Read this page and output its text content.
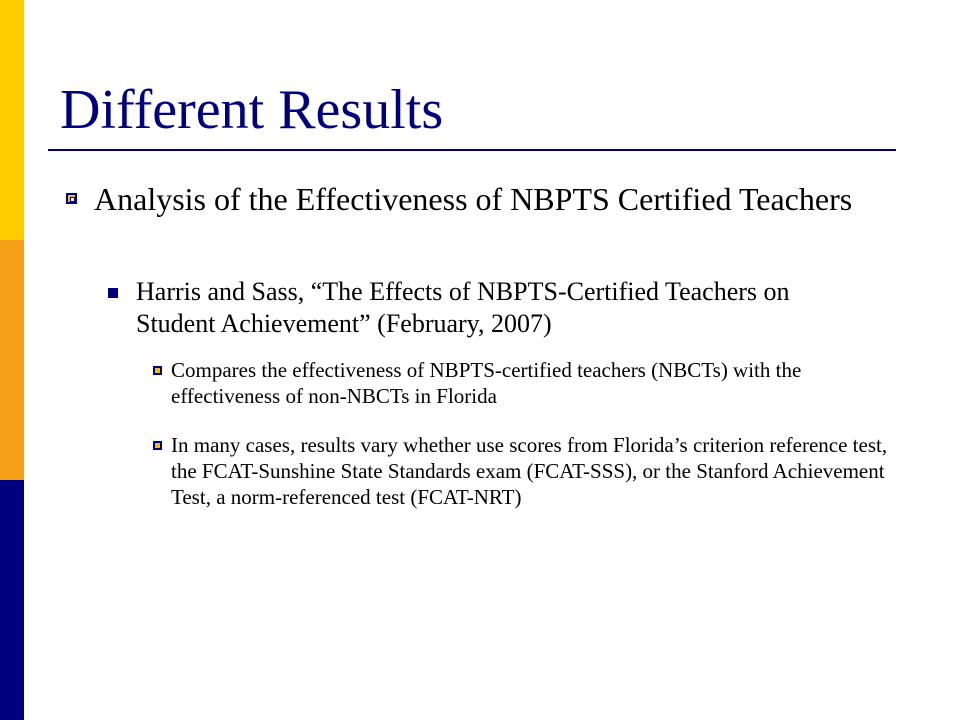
Different Results
Analysis of the Effectiveness of NBPTS Certified Teachers
Harris and Sass, “The Effects of NBPTS-Certified Teachers on Student Achievement” (February, 2007)
Compares the effectiveness of NBPTS-certified teachers (NBCTs) with the effectiveness of non-NBCTs in Florida
In many cases, results vary whether use scores from Florida’s criterion reference test, the FCAT-Sunshine State Standards exam (FCAT-SSS), or the Stanford Achievement Test, a norm-referenced test (FCAT-NRT)
